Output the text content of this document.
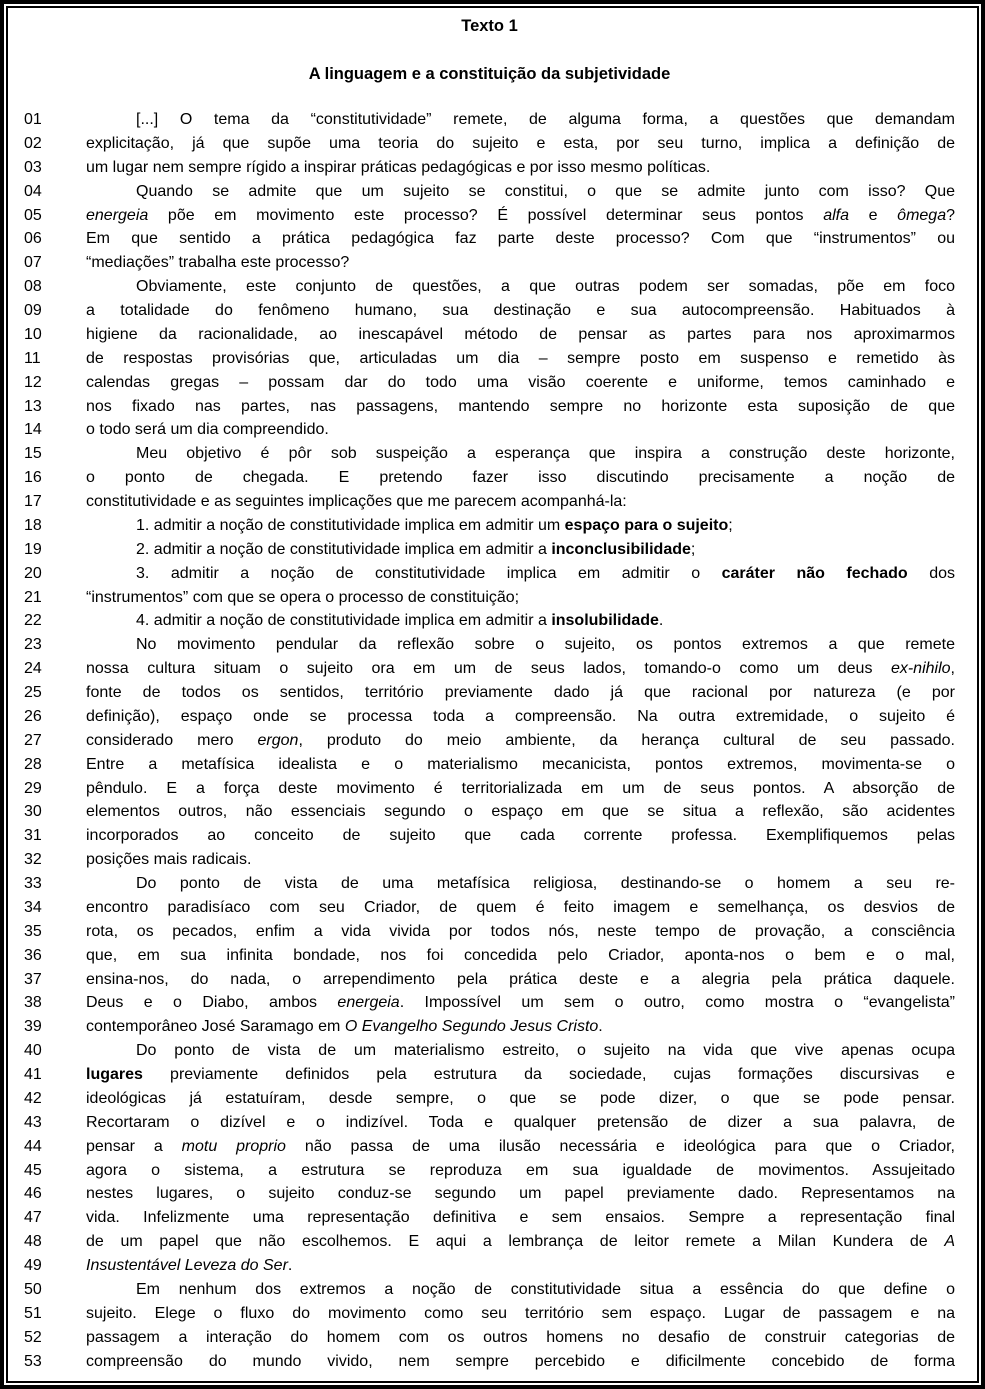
Texto 1
A linguagem e a constituição da subjetividade
01	[...] O tema da “constitutividade” remete, de alguma forma, a questões que demandam
02	explicitação, já que supõe uma teoria do sujeito e esta, por seu turno, implica a definição de
03	um lugar nem sempre rígido a inspirar práticas pedagógicas e por isso mesmo políticas.
04	Quando se admite que um sujeito se constitui, o que se admite junto com isso? Que
05	energeia põe em movimento este processo? É possível determinar seus pontos alfa e ômega?
06	Em que sentido a prática pedagógica faz parte deste processo? Com que “instrumentos” ou
07	“mediações” trabalha este processo?
08	Obviamente, este conjunto de questões, a que outras podem ser somadas, põe em foco
09	a totalidade do fenômeno humano, sua destinação e sua autocompreensão. Habituados à
10	higiene da racionalidade, ao inescapável método de pensar as partes para nos aproximarmos
11	de respostas provisórias que, articuladas um dia – sempre posto em suspenso e remetido às
12	calendas gregas – possam dar do todo uma visão coerente e uniforme, temos caminhado e
13	nos fixado nas partes, nas passagens, mantendo sempre no horizonte esta suposição de que
14	o todo será um dia compreendido.
15	Meu objetivo é pôr sob suspeição a esperança que inspira a construção deste horizonte,
16	o ponto de chegada. E pretendo fazer isso discutindo precisamente a noção de
17	constitutividade e as seguintes implicações que me parecem acompanhá-la:
18	1. admitir a noção de constitutividade implica em admitir um espaço para o sujeito;
19	2. admitir a noção de constitutividade implica em admitir a inconclusibilidade;
20	3. admitir a noção de constitutividade implica em admitir o caráter não fechado dos
21	“instrumentos” com que se opera o processo de constituição;
22	4. admitir a noção de constitutividade implica em admitir a insolubilidade.
23	No movimento pendular da reflexão sobre o sujeito, os pontos extremos a que remete
24	nossa cultura situam o sujeito ora em um de seus lados, tomando-o como um deus ex-nihilo,
25	fonte de todos os sentidos, território previamente dado já que racional por natureza (e por
26	definição), espaço onde se processa toda a compreensão. Na outra extremidade, o sujeito é
27	considerado mero ergon, produto do meio ambiente, da herança cultural de seu passado.
28	Entre a metafísica idealista e o materialismo mecanicista, pontos extremos, movimenta-se o
29	pêndulo. E a força deste movimento é territorializada em um de seus pontos. A absorção de
30	elementos outros, não essenciais segundo o espaço em que se situa a reflexão, são acidentes
31	incorporados ao conceito de sujeito que cada corrente professa. Exemplifiquemos pelas
32	posições mais radicais.
33	Do ponto de vista de uma metafísica religiosa, destinando-se o homem a seu re-
34	encontro paradisíaco com seu Criador, de quem é feito imagem e semelhança, os desvios de
35	rota, os pecados, enfim a vida vivida por todos nós, neste tempo de provação, a consciência
36	que, em sua infinita bondade, nos foi concedida pelo Criador, aponta-nos o bem e o mal,
37	ensina-nos, do nada, o arrependimento pela prática deste e a alegria pela prática daquele.
38	Deus e o Diabo, ambos energeia. Impossível um sem o outro, como mostra o “evangelista”
39	contemporâneo José Saramago em O Evangelho Segundo Jesus Cristo.
40	Do ponto de vista de um materialismo estreito, o sujeito na vida que vive apenas ocupa
41	lugares previamente definidos pela estrutura da sociedade, cujas formações discursivas e
42	ideológicas já estatuíram, desde sempre, o que se pode dizer, o que se pode pensar.
43	Recortaram o dizível e o indizível. Toda e qualquer pretensão de dizer a sua palavra, de
44	pensar a motu proprio não passa de uma ilusão necessária e ideológica para que o Criador,
45	agora o sistema, a estrutura se reproduza em sua igualdade de movimentos. Assujeitado
46	nestes lugares, o sujeito conduz-se segundo um papel previamente dado. Representamos na
47	vida. Infelizmente uma representação definitiva e sem ensaios. Sempre a representação final
48	de um papel que não escolhemos. E aqui a lembrança de leitor remete a Milan Kundera de A
49	Insustentável Leveza do Ser.
50	Em nenhum dos extremos a noção de constitutividade situa a essência do que define o
51	sujeito. Elege o fluxo do movimento como seu território sem espaço. Lugar de passagem e na
52	passagem a interação do homem com os outros homens no desafio de construir categorias de
53	compreensão do mundo vivido, nem sempre percebido e dificilmente concebido de forma
